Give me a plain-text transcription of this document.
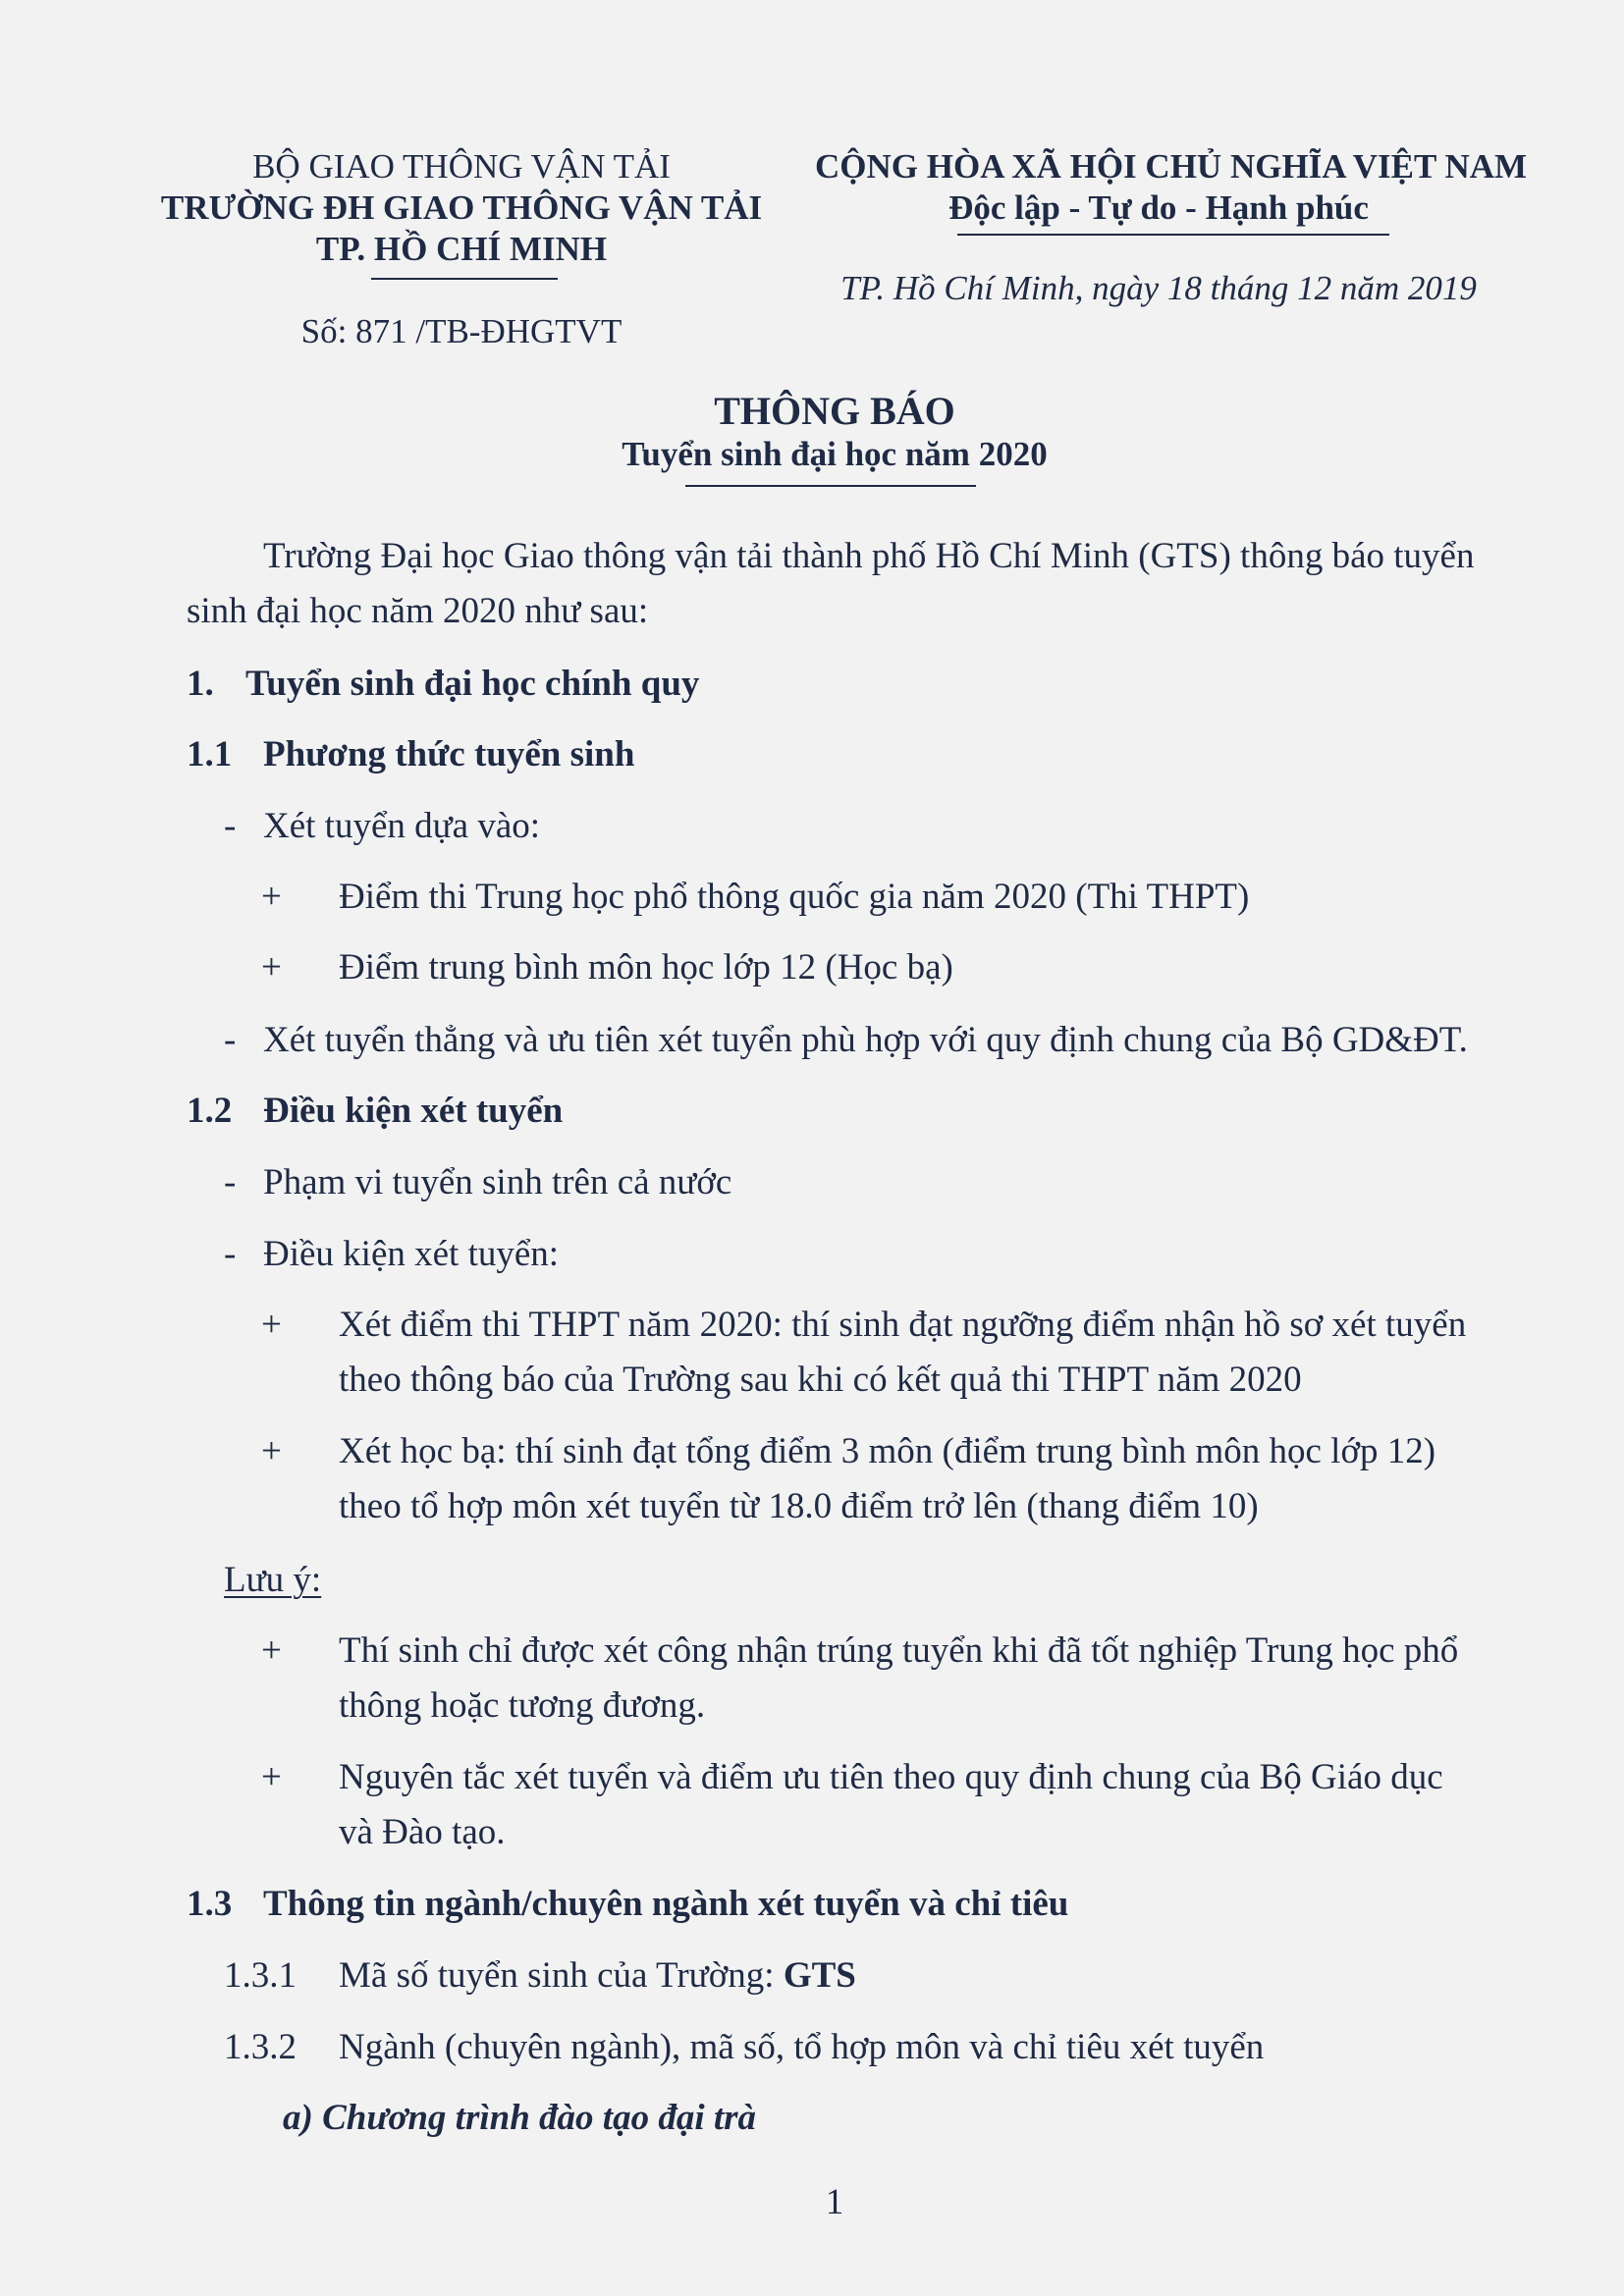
BỘ GIAO THÔNG VẬN TẢI
TRƯỜNG ĐH GIAO THÔNG VẬN TẢI
TP. HỒ CHÍ MINH
Số: 871 /TB-ĐHGTVT
CỘNG HÒA XÃ HỘI CHỦ NGHĨA VIỆT NAM
Độc lập - Tự do - Hạnh phúc
TP. Hồ Chí Minh, ngày 18 tháng 12 năm 2019
THÔNG BÁO
Tuyển sinh đại học năm 2020
Trường Đại học Giao thông vận tải thành phố Hồ Chí Minh (GTS) thông báo tuyển
sinh đại học năm 2020 như sau:
1. Tuyển sinh đại học chính quy
1.1 Phương thức tuyển sinh
- Xét tuyển dựa vào:
+ Điểm thi Trung học phổ thông quốc gia năm 2020 (Thi THPT)
+ Điểm trung bình môn học lớp 12 (Học bạ)
- Xét tuyển thẳng và ưu tiên xét tuyển phù hợp với quy định chung của Bộ GD&ĐT.
1.2 Điều kiện xét tuyển
- Phạm vi tuyển sinh trên cả nước
- Điều kiện xét tuyển:
+ Xét điểm thi THPT năm 2020: thí sinh đạt ngưỡng điểm nhận hồ sơ xét tuyển
theo thông báo của Trường sau khi có kết quả thi THPT năm 2020
+ Xét học bạ: thí sinh đạt tổng điểm 3 môn (điểm trung bình môn học lớp 12)
theo tổ hợp môn xét tuyển từ 18.0 điểm trở lên (thang điểm 10)
Lưu ý:
+ Thí sinh chỉ được xét công nhận trúng tuyển khi đã tốt nghiệp Trung học phổ
thông hoặc tương đương.
+ Nguyên tắc xét tuyển và điểm ưu tiên theo quy định chung của Bộ Giáo dục
và Đào tạo.
1.3 Thông tin ngành/chuyên ngành xét tuyển và chỉ tiêu
1.3.1 Mã số tuyển sinh của Trường: GTS
1.3.2 Ngành (chuyên ngành), mã số, tổ hợp môn và chỉ tiêu xét tuyển
a) Chương trình đào tạo đại trà
1
